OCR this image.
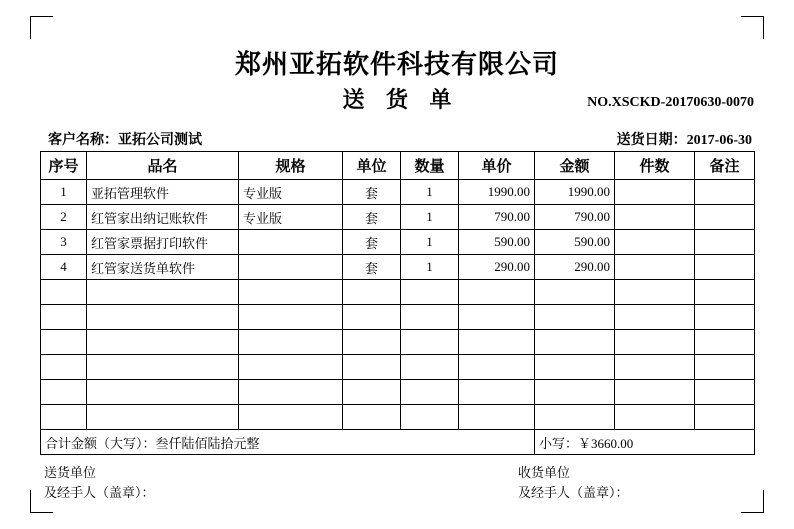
郑州亚拓软件科技有限公司
送 货 单	NO.XSCKD-20170630-0070
客户名称：亚拓公司测试	送货日期：2017-06-30
序号	品名	规格	单位	数量	单价	金额	件数	备注
1	亚拓管理软件	专业版	套	1	1990.00	1990.00		
2	红管家出纳记账软件	专业版	套	1	790.00	790.00		
3	红管家票据打印软件		套	1	590.00	590.00		
4	红管家送货单软件		套	1	290.00	290.00		

合计金额（大写）：叁仟陆佰陆拾元整						小写：￥3660.00		
送货单位
及经手人（盖章）：
收货单位
及经手人（盖章）：
